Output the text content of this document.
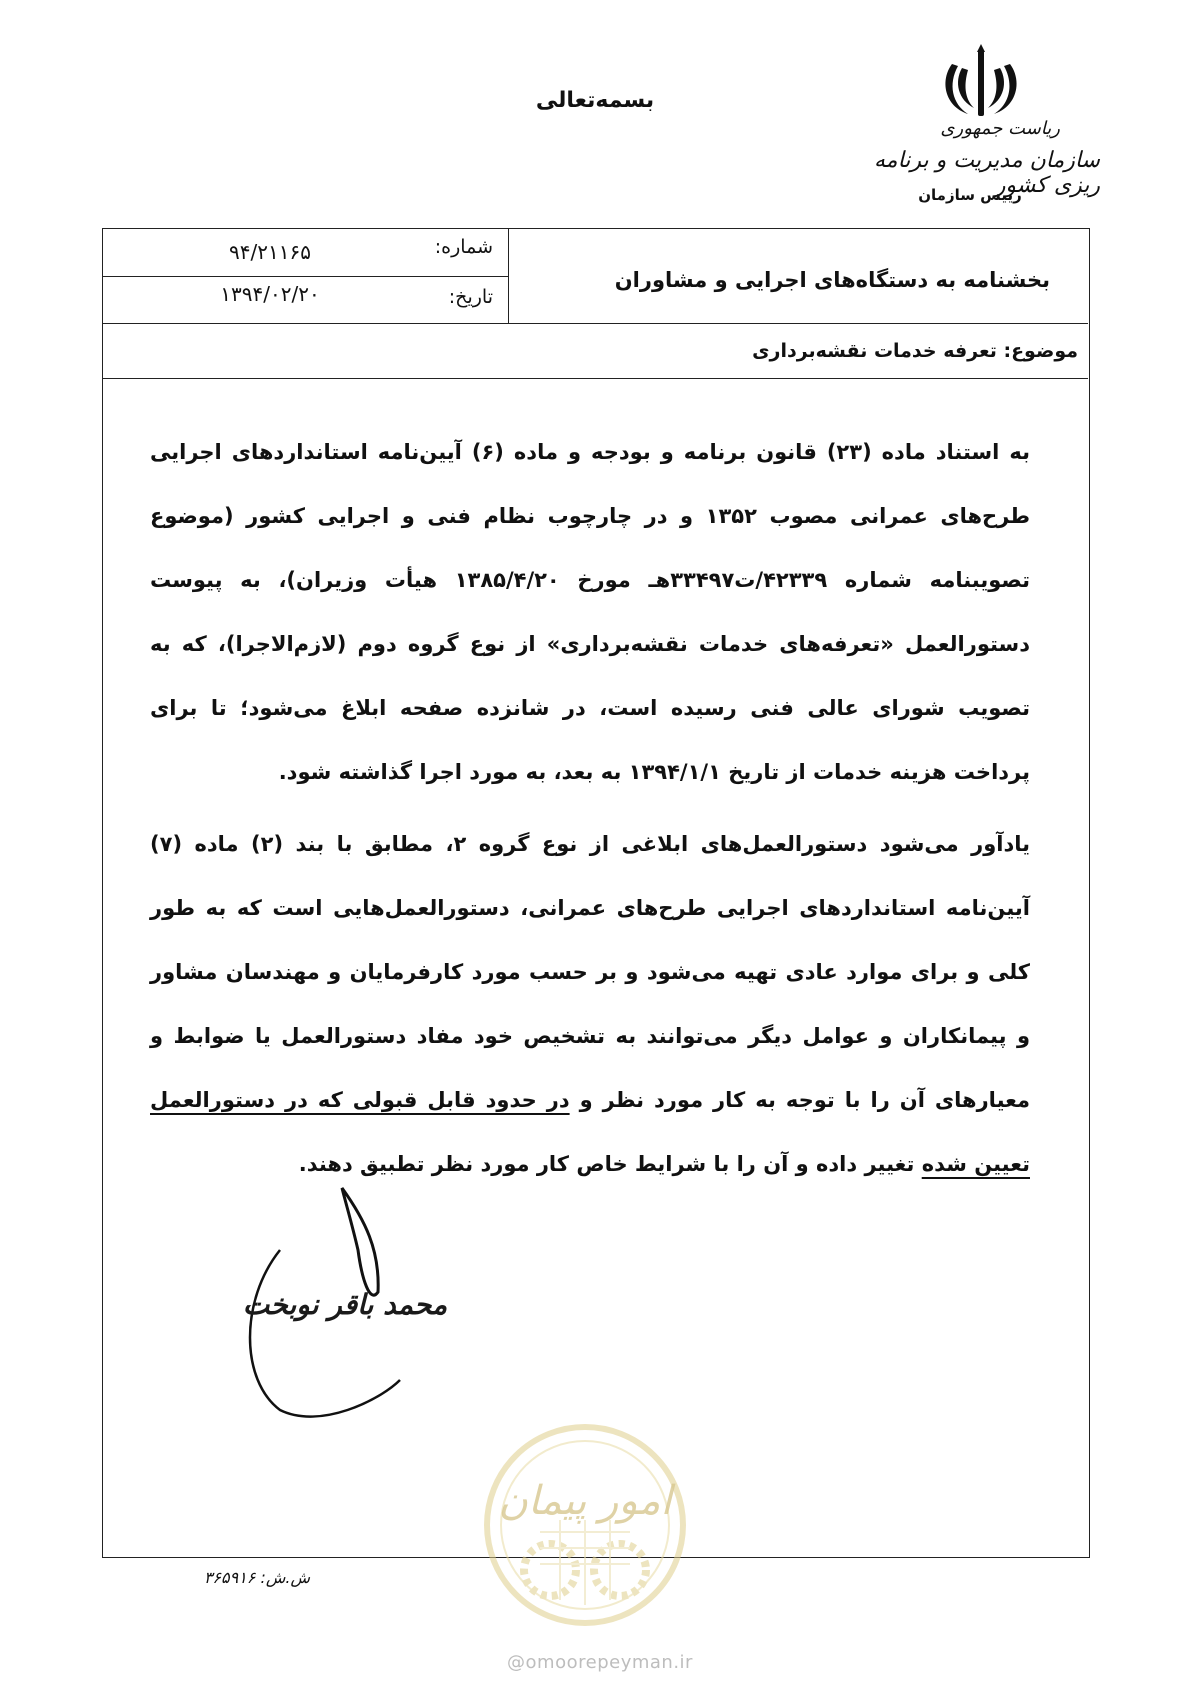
بسمه‌تعالی
ریاست جمهوری
سازمان مدیریت و برنامه ریزی کشور
رییس سازمان
شماره:
۹۴/۲۱۱۶۵
تاریخ:
۱۳۹۴/۰۲/۲۰
بخشنامه به دستگاه‌های اجرایی و مشاوران
موضوع: تعرفه خدمات نقشه‌برداری
به استناد ماده (۲۳) قانون برنامه و بودجه و ماده (۶) آیین‌نامه استانداردهای اجرایی طرح‌های عمرانی مصوب ۱۳۵۲ و در چارچوب نظام فنی و اجرایی کشور (موضوع تصویبنامه شماره ۴۲۳۳۹/ت۳۳۴۹۷هـ مورخ ۱۳۸۵/۴/۲۰ هیأت وزیران)، به پیوست دستورالعمل «تعرفه‌های خدمات نقشه‌برداری» از نوع گروه دوم (لازم‌الاجرا)، که به تصویب شورای عالی فنی رسیده است، در شانزده صفحه ابلاغ می‌شود؛ تا برای پرداخت هزینه خدمات از تاریخ ۱۳۹۴/۱/۱ به بعد، به مورد اجرا گذاشته شود.
یادآور می‌شود دستورالعمل‌های ابلاغی از نوع گروه ۲، مطابق با بند (۲) ماده (۷) آیین‌نامه استانداردهای اجرایی طرح‌های عمرانی، دستورالعمل‌هایی است که به طور کلی و برای موارد عادی تهیه می‌شود و بر حسب مورد کارفرمایان و مهندسان مشاور و پیمانکاران و عوامل دیگر می‌توانند به تشخیص خود مفاد دستورالعمل یا ضوابط و معیارهای آن را با توجه به کار مورد نظر و در حدود قابل قبولی که در دستورالعمل تعیین شده تغییر داده و آن را با شرایط خاص کار مورد نظر تطبیق دهند.
محمد باقر نوبخت
امور پیمان
ش.ش: ۳۶۵۹۱۶
@omoorepeyman.ir
